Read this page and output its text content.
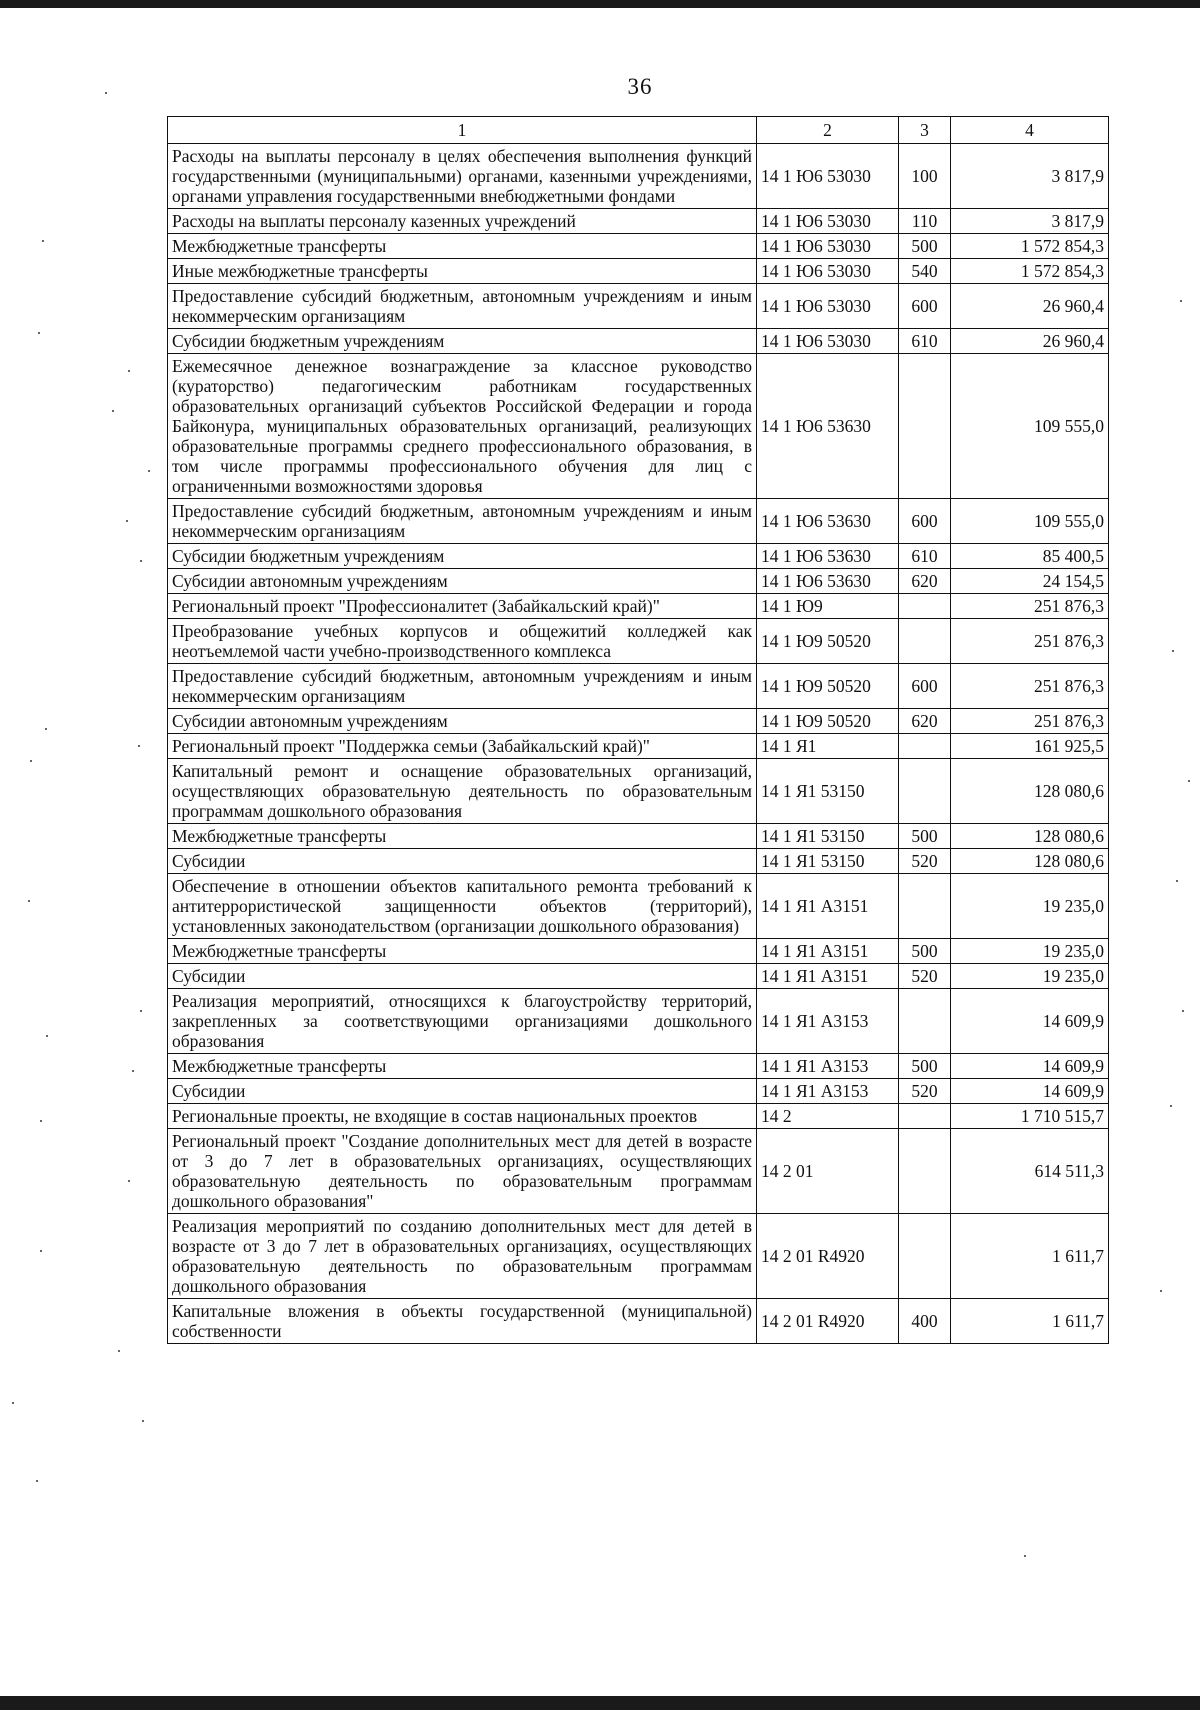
36
1	2	3	4
Расходы на выплаты персоналу в целях обеспечения выполнения функций государственными (муниципальными) органами, казенными учреждениями, органами управления государственными внебюджетными фондами	14 1 Ю6 53030	100	3 817,9
Расходы на выплаты персоналу казенных учреждений	14 1 Ю6 53030	110	3 817,9
Межбюджетные трансферты	14 1 Ю6 53030	500	1 572 854,3
Иные межбюджетные трансферты	14 1 Ю6 53030	540	1 572 854,3
Предоставление субсидий бюджетным, автономным учреждениям и иным некоммерческим организациям	14 1 Ю6 53030	600	26 960,4
Субсидии бюджетным учреждениям	14 1 Ю6 53030	610	26 960,4
Ежемесячное денежное вознаграждение за классное руководство (кураторство) педагогическим работникам государственных образовательных организаций субъектов Российской Федерации и города Байконура, муниципальных образовательных организаций, реализующих образовательные программы среднего профессионального образования, в том числе программы профессионального обучения для лиц с ограниченными возможностями здоровья	14 1 Ю6 53630		109 555,0
Предоставление субсидий бюджетным, автономным учреждениям и иным некоммерческим организациям	14 1 Ю6 53630	600	109 555,0
Субсидии бюджетным учреждениям	14 1 Ю6 53630	610	85 400,5
Субсидии автономным учреждениям	14 1 Ю6 53630	620	24 154,5
Региональный проект "Профессионалитет (Забайкальский край)"	14 1 Ю9		251 876,3
Преобразование учебных корпусов и общежитий колледжей как неотъемлемой части учебно-производственного комплекса	14 1 Ю9 50520		251 876,3
Предоставление субсидий бюджетным, автономным учреждениям и иным некоммерческим организациям	14 1 Ю9 50520	600	251 876,3
Субсидии автономным учреждениям	14 1 Ю9 50520	620	251 876,3
Региональный проект "Поддержка семьи (Забайкальский край)"	14 1 Я1		161 925,5
Капитальный ремонт и оснащение образовательных организаций, осуществляющих образовательную деятельность по образовательным программам дошкольного образования	14 1 Я1 53150		128 080,6
Межбюджетные трансферты	14 1 Я1 53150	500	128 080,6
Субсидии	14 1 Я1 53150	520	128 080,6
Обеспечение в отношении объектов капитального ремонта требований к антитеррористической защищенности объектов (территорий), установленных законодательством (организации дошкольного образования)	14 1 Я1 А3151		19 235,0
Межбюджетные трансферты	14 1 Я1 А3151	500	19 235,0
Субсидии	14 1 Я1 А3151	520	19 235,0
Реализация мероприятий, относящихся к благоустройству территорий, закрепленных за соответствующими организациями дошкольного образования	14 1 Я1 А3153		14 609,9
Межбюджетные трансферты	14 1 Я1 А3153	500	14 609,9
Субсидии	14 1 Я1 А3153	520	14 609,9
Региональные проекты, не входящие в состав национальных проектов	14 2		1 710 515,7
Региональный проект "Создание дополнительных мест для детей в возрасте от 3 до 7 лет в образовательных организациях, осуществляющих образовательную деятельность по образовательным программам дошкольного образования"	14 2 01		614 511,3
Реализация мероприятий по созданию дополнительных мест для детей в возрасте от 3 до 7 лет в образовательных организациях, осуществляющих образовательную деятельность по образовательным программам дошкольного образования	14 2 01 R4920		1 611,7
Капитальные вложения в объекты государственной (муниципальной) собственности	14 2 01 R4920	400	1 611,7
